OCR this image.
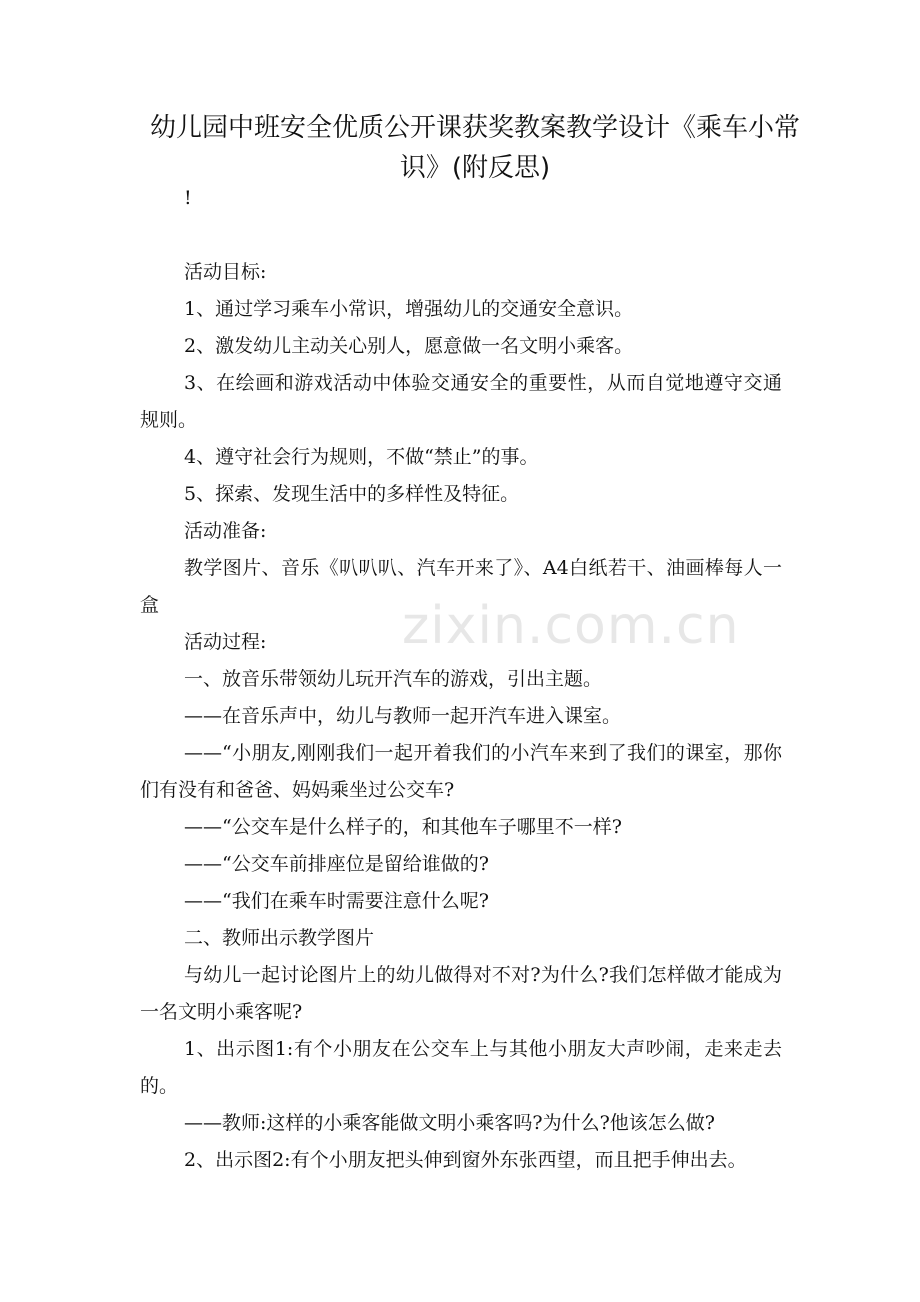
幼儿园中班安全优质公开课获奖教案教学设计《乘车小常识》(附反思)

!

活动目标:

1、通过学习乘车小常识，增强幼儿的交通安全意识。

2、激发幼儿主动关心别人，愿意做一名文明小乘客。

3、在绘画和游戏活动中体验交通安全的重要性，从而自觉地遵守交通规则。

4、遵守社会行为规则，不做“禁止”的事。

5、探索、发现生活中的多样性及特征。

活动准备:

教学图片、音乐《叭叭叭、汽车开来了》、A4白纸若干、油画棒每人一盒

活动过程:

一、放音乐带领幼儿玩开汽车的游戏，引出主题。

——在音乐声中，幼儿与教师一起开汽车进入课室。

——“小朋友,刚刚我们一起开着我们的小汽车来到了我们的课室，那你们有没有和爸爸、妈妈乘坐过公交车?

——“公交车是什么样子的，和其他车子哪里不一样?

——“公交车前排座位是留给谁做的?

——“我们在乘车时需要注意什么呢?

二、教师出示教学图片

与幼儿一起讨论图片上的幼儿做得对不对?为什么?我们怎样做才能成为一名文明小乘客呢?

1、出示图1:有个小朋友在公交车上与其他小朋友大声吵闹，走来走去的。

——教师:这样的小乘客能做文明小乘客吗?为什么?他该怎么做?

2、出示图2:有个小朋友把头伸到窗外东张西望，而且把手伸出去。

zixin.com.cn
